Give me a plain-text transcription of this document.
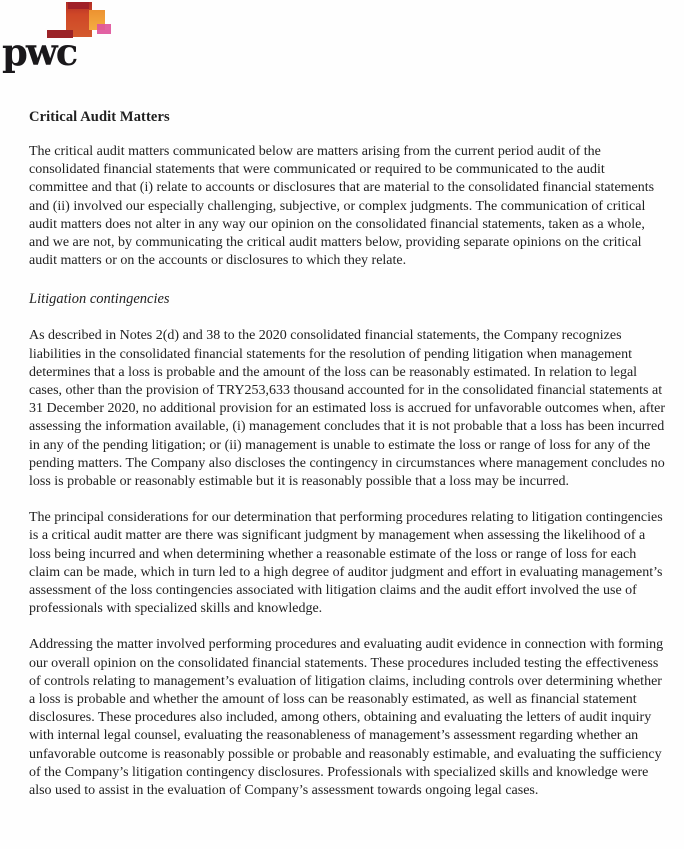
pwc
Critical Audit Matters

The critical audit matters communicated below are matters arising from the current period audit of the consolidated financial statements that were communicated or required to be communicated to the audit committee and that (i) relate to accounts or disclosures that are material to the consolidated financial statements and (ii) involved our especially challenging, subjective, or complex judgments. The communication of critical audit matters does not alter in any way our opinion on the consolidated financial statements, taken as a whole, and we are not, by communicating the critical audit matters below, providing separate opinions on the critical audit matters or on the accounts or disclosures to which they relate.

Litigation contingencies

As described in Notes 2(d) and 38 to the 2020 consolidated financial statements, the Company recognizes liabilities in the consolidated financial statements for the resolution of pending litigation when management determines that a loss is probable and the amount of the loss can be reasonably estimated. In relation to legal cases, other than the provision of TRY253,633 thousand accounted for in the consolidated financial statements at 31 December 2020, no additional provision for an estimated loss is accrued for unfavorable outcomes when, after assessing the information available, (i) management concludes that it is not probable that a loss has been incurred in any of the pending litigation; or (ii) management is unable to estimate the loss or range of loss for any of the pending matters. The Company also discloses the contingency in circumstances where management concludes no loss is probable or reasonably estimable but it is reasonably possible that a loss may be incurred.

The principal considerations for our determination that performing procedures relating to litigation contingencies is a critical audit matter are there was significant judgment by management when assessing the likelihood of a loss being incurred and when determining whether a reasonable estimate of the loss or range of loss for each claim can be made, which in turn led to a high degree of auditor judgment and effort in evaluating management’s assessment of the loss contingencies associated with litigation claims and the audit effort involved the use of professionals with specialized skills and knowledge.

Addressing the matter involved performing procedures and evaluating audit evidence in connection with forming our overall opinion on the consolidated financial statements. These procedures included testing the effectiveness of controls relating to management’s evaluation of litigation claims, including controls over determining whether a loss is probable and whether the amount of loss can be reasonably estimated, as well as financial statement disclosures. These procedures also included, among others, obtaining and evaluating the letters of audit inquiry with internal legal counsel, evaluating the reasonableness of management’s assessment regarding whether an unfavorable outcome is reasonably possible or probable and reasonably estimable, and evaluating the sufficiency of the Company’s litigation contingency disclosures. Professionals with specialized skills and knowledge were also used to assist in the evaluation of Company’s assessment towards ongoing legal cases.
